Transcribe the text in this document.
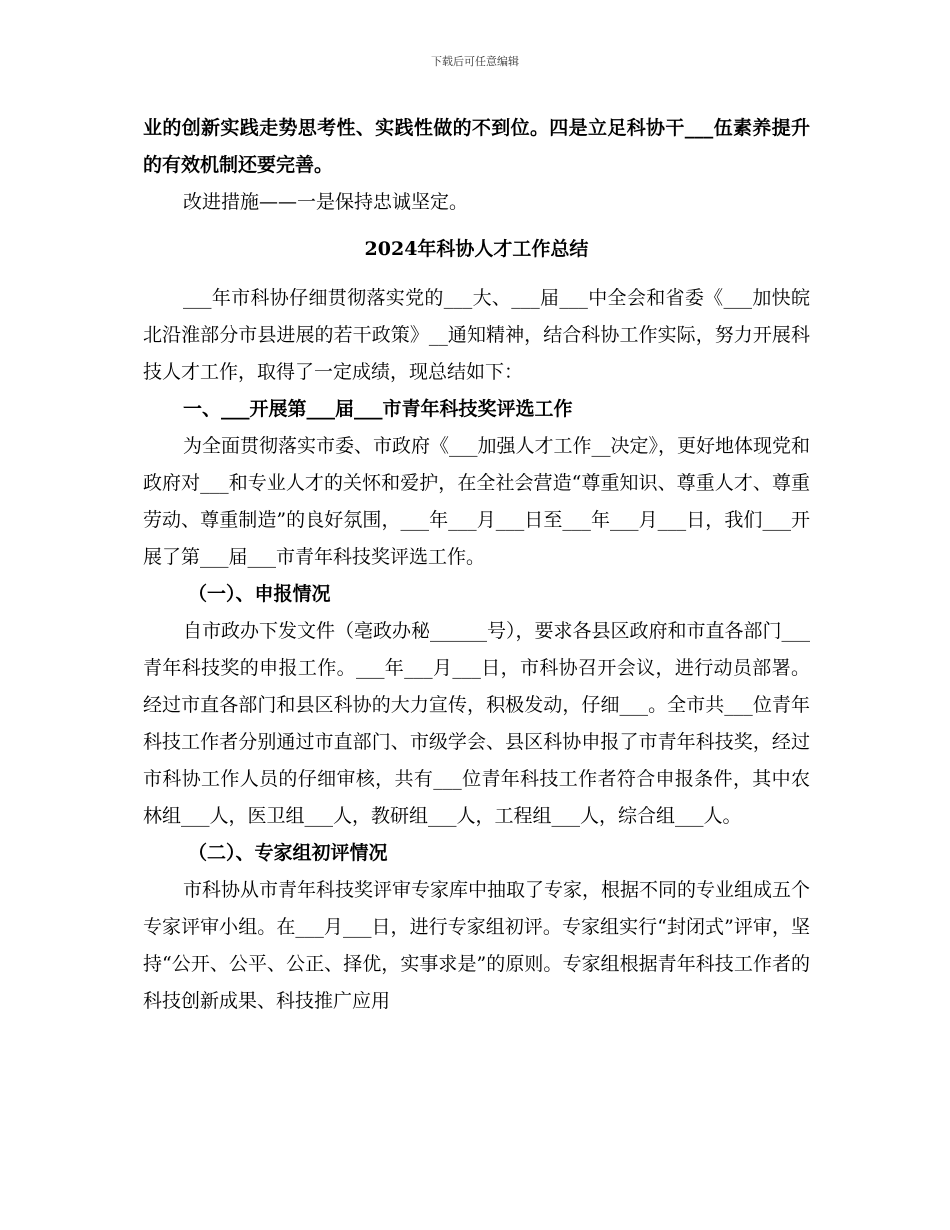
下载后可任意编辑

业的创新实践走势思考性、实践性做的不到位。四是立足科协干___伍素养提升的有效机制还要完善。

改进措施——一是保持忠诚坚定。

2024年科协人才工作总结

___年市科协仔细贯彻落实党的___大、___届___中全会和省委《___加快皖北沿淮部分市县进展的若干政策》__通知精神，结合科协工作实际，努力开展科技人才工作，取得了一定成绩，现总结如下：

一、___开展第___届___市青年科技奖评选工作

为全面贯彻落实市委、市政府《___加强人才工作__决定》，更好地体现党和政府对___和专业人才的关怀和爱护，在全社会营造“尊重知识、尊重人才、尊重劳动、尊重制造”的良好氛围，___年___月___日至___年___月___日，我们___开展了第___届___市青年科技奖评选工作。

（一）、申报情况

自市政办下发文件（亳政办秘______号），要求各县区政府和市直各部门___青年科技奖的申报工作。___年___月___日，市科协召开会议，进行动员部署。经过市直各部门和县区科协的大力宣传，积极发动，仔细___。全市共___位青年科技工作者分别通过市直部门、市级学会、县区科协申报了市青年科技奖，经过市科协工作人员的仔细审核，共有___位青年科技工作者符合申报条件，其中农林组___人，医卫组___人，教研组___人，工程组___人，综合组___人。

（二）、专家组初评情况

市科协从市青年科技奖评审专家库中抽取了专家，根据不同的专业组成五个专家评审小组。在___月___日，进行专家组初评。专家组实行“封闭式”评审，坚持“公开、公平、公正、择优，实事求是”的原则。专家组根据青年科技工作者的科技创新成果、科技推广应用
